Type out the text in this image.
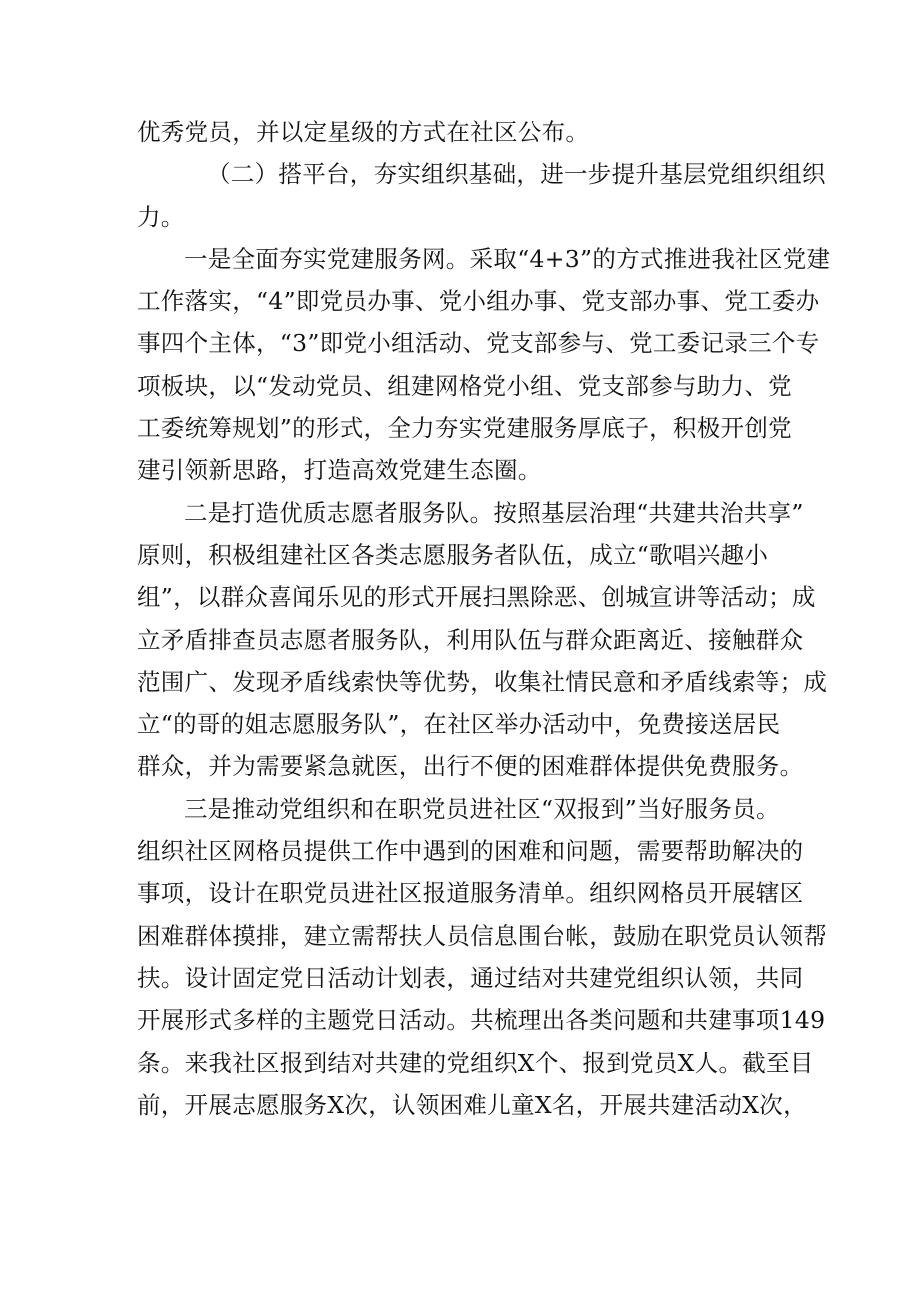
优秀党员，并以定星级的方式在社区公布。
（二）搭平台，夯实组织基础，进一步提升基层党组织组织
力。
一是全面夯实党建服务网。采取“4+3”的方式推进我社区党建
工作落实，“4”即党员办事、党小组办事、党支部办事、党工委办
事四个主体，“3”即党小组活动、党支部参与、党工委记录三个专
项板块，以“发动党员、组建网格党小组、党支部参与助力、党
工委统筹规划”的形式，全力夯实党建服务厚底子，积极开创党
建引领新思路，打造高效党建生态圈。
二是打造优质志愿者服务队。按照基层治理“共建共治共享”
原则，积极组建社区各类志愿服务者队伍，成立“歌唱兴趣小
组”，以群众喜闻乐见的形式开展扫黑除恶、创城宣讲等活动；成
立矛盾排查员志愿者服务队，利用队伍与群众距离近、接触群众
范围广、发现矛盾线索快等优势，收集社情民意和矛盾线索等；成
立“的哥的姐志愿服务队”，在社区举办活动中，免费接送居民
群众，并为需要紧急就医，出行不便的困难群体提供免费服务。
三是推动党组织和在职党员进社区“双报到”当好服务员。
组织社区网格员提供工作中遇到的困难和问题，需要帮助解决的
事项，设计在职党员进社区报道服务清单。组织网格员开展辖区
困难群体摸排，建立需帮扶人员信息围台帐，鼓励在职党员认领帮
扶。设计固定党日活动计划表，通过结对共建党组织认领，共同
开展形式多样的主题党日活动。共梳理出各类问题和共建事项149
条。来我社区报到结对共建的党组织X个、报到党员X人。截至目
前，开展志愿服务X次，认领困难儿童X名，开展共建活动X次，
